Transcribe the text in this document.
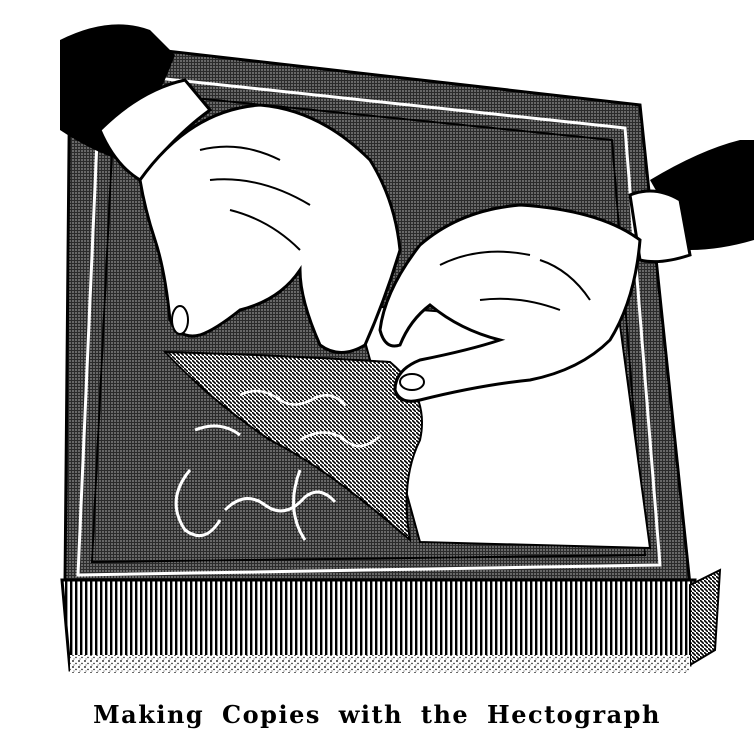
Making Copies with the Hectograph
